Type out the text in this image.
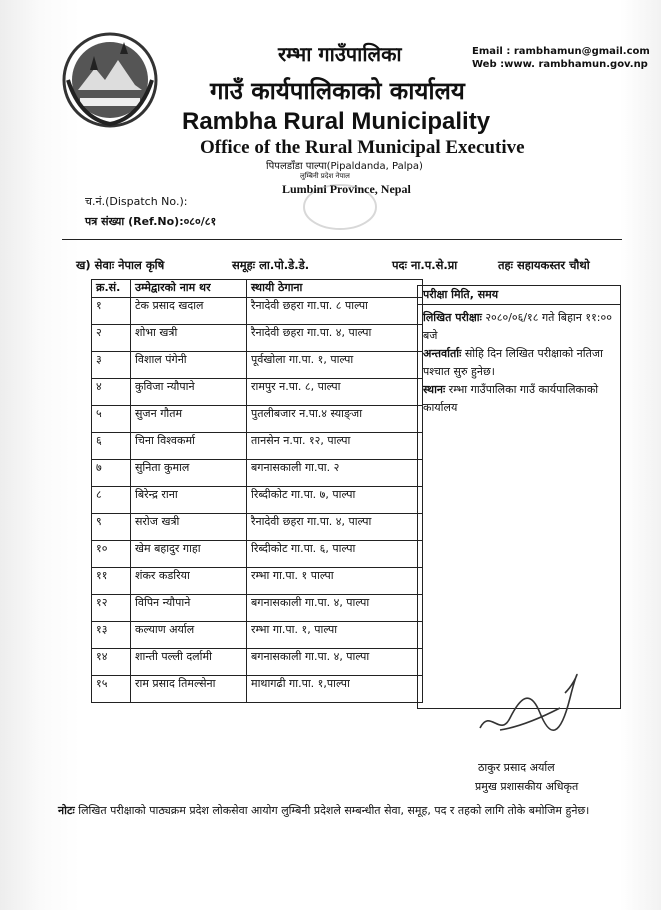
रम्भा गाउँपालिका
गाउँ कार्यपालिकाको कार्यालय
Rambha Rural Municipality
Office of the Rural Municipal Executive
पिपलडाँडा पाल्पा(Pipaldanda, Palpa)
लुम्बिनी प्रदेश नेपाल
Lumbini Province, Nepal
Email : rambhamun@gmail.com
Web :www. rambhamun.gov.np
च.नं.(Dispatch No.):
पत्र संख्या (Ref.No):०८०/८१
ख) सेवाः नेपाल कृषि	समूहः ला.पो.डे.डे.	पदः ना.प.से.प्रा	तहः सहायकस्तर चौथो
क्र.सं.	उम्मेद्वारको नाम थर	स्थायी ठेगाना
१	टेक प्रसाद खदाल	रैनादेवी छहरा गा.पा. ८ पाल्पा
२	शोभा खत्री	रैनादेवी छहरा गा.पा. ४, पाल्पा
३	विशाल पंगेनी	पूर्वखोला गा.पा. १, पाल्पा
४	कुविजा न्यौपाने	रामपुर न.पा. ८, पाल्पा
५	सुजन गौतम	पुतलीबजार न.पा.४ स्याङ्जा
६	चिना विश्वकर्मा	तानसेन न.पा. १२, पाल्पा
७	सुनिता कुमाल	बगनासकाली गा.पा. २
८	बिरेन्द्र राना	रिब्दीकोट गा.पा. ७, पाल्पा
९	सरोज खत्री	रैनादेवी छहरा गा.पा. ४, पाल्पा
१०	खेम बहादुर गाहा	रिब्दीकोट गा.पा. ६, पाल्पा
११	शंकर कडरिया	रम्भा गा.पा. १ पाल्पा
१२	विपिन न्यौपाने	बगनासकाली गा.पा. ४, पाल्पा
१३	कल्याण अर्याल	रम्भा गा.पा. १, पाल्पा
१४	शान्ती पल्ली दर्लामी	बगनासकाली गा.पा. ४, पाल्पा
१५	राम प्रसाद तिमल्सेना	माथागढी गा.पा. १,पाल्पा
परीक्षा मिति, समय
लिखित परीक्षाः २०८०/०६/१८ गते बिहान ११:०० बजे
अन्तर्वार्ताः सोहि दिन लिखित परीक्षाको नतिजा पश्चात सुरु हुनेछ।
स्थानः रम्भा गाउँपालिका गाउँ कार्यपालिकाको कार्यालय
ठाकुर प्रसाद अर्याल
प्रमुख प्रशासकीय अधिकृत
नोटः लिखित परीक्षाको पाठ्यक्रम प्रदेश लोकसेवा आयोग लुम्बिनी प्रदेशले सम्बन्धीत सेवा, समूह, पद र तहको लागि तोके बमोजिम हुनेछ।
